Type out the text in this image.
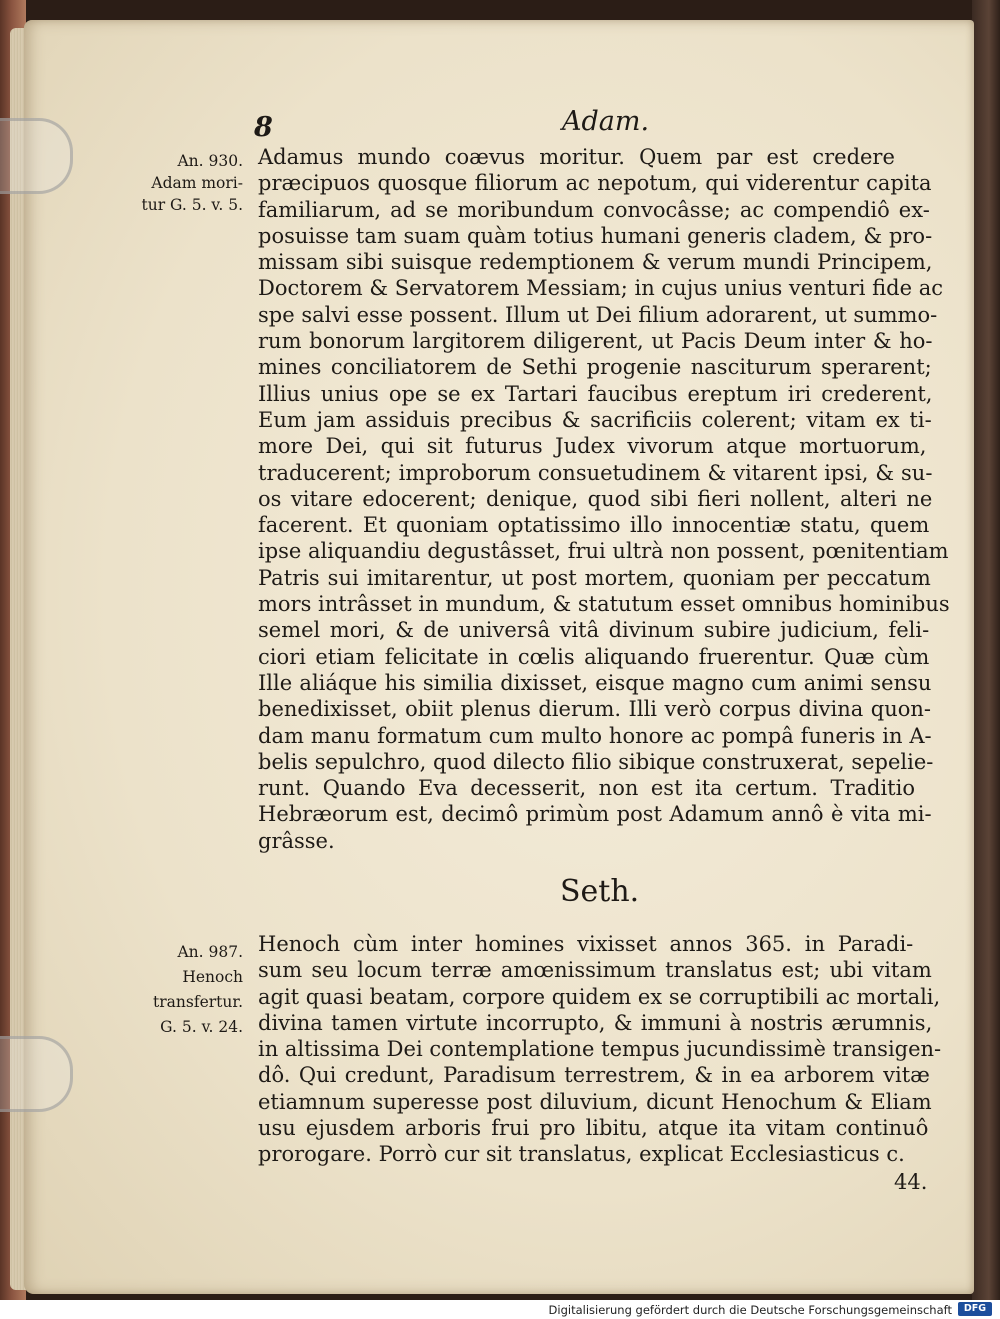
8	Adam.
An. 930.
Adam mori-
tur G. 5. v. 5.
Adamus mundo coævus moritur. Quem par est credere
præcipuos quosque filiorum ac nepotum, qui viderentur capita
familiarum, ad se moribundum convocâsse; ac compendiô ex-
posuisse tam suam quàm totius humani generis cladem, & pro-
missam sibi suisque redemptionem & verum mundi Principem,
Doctorem & Servatorem Messiam; in cujus unius venturi fide ac
spe salvi esse possent. Illum ut Dei filium adorarent, ut summo-
rum bonorum largitorem diligerent, ut Pacis Deum inter & ho-
mines conciliatorem de Sethi progenie nasciturum sperarent;
Illius unius ope se ex Tartari faucibus ereptum iri crederent,
Eum jam assiduis precibus & sacrificiis colerent; vitam ex ti-
more Dei, qui sit futurus Judex vivorum atque mortuorum,
traducerent; improborum consuetudinem & vitarent ipsi, & su-
os vitare edocerent; denique, quod sibi fieri nollent, alteri ne
facerent. Et quoniam optatissimo illo innocentiæ statu, quem
ipse aliquandiu degustâsset, frui ultrà non possent, pœnitentiam
Patris sui imitarentur, ut post mortem, quoniam per peccatum
mors intrâsset in mundum, & statutum esset omnibus hominibus
semel mori, & de universâ vitâ divinum subire judicium, feli-
ciori etiam felicitate in cœlis aliquando fruerentur. Quæ cùm
Ille aliáque his similia dixisset, eisque magno cum animi sensu
benedixisset, obiit plenus dierum. Illi verò corpus divina quon-
dam manu formatum cum multo honore ac pompâ funeris in A-
belis sepulchro, quod dilecto filio sibique construxerat, sepelie-
runt. Quando Eva decesserit, non est ita certum. Traditio
Hebræorum est, decimô primùm post Adamum annô è vita mi-
grâsse.
Seth.
An. 987.
Henoch
transfertur.
G. 5. v. 24.
Henoch cùm inter homines vixisset annos 365. in Paradi-
sum seu locum terræ amœnissimum translatus est; ubi vitam
agit quasi beatam, corpore quidem ex se corruptibili ac mortali,
divina tamen virtute incorrupto, & immuni à nostris ærumnis,
in altissima Dei contemplatione tempus jucundissimè transigen-
dô. Qui credunt, Paradisum terrestrem, & in ea arborem vitæ
etiamnum superesse post diluvium, dicunt Henochum & Eliam
usu ejusdem arboris frui pro libitu, atque ita vitam continuô
prorogare. Porrò cur sit translatus, explicat Ecclesiasticus c.
44.
Digitalisierung gefördert durch die Deutsche Forschungsgemeinschaft	DFG
